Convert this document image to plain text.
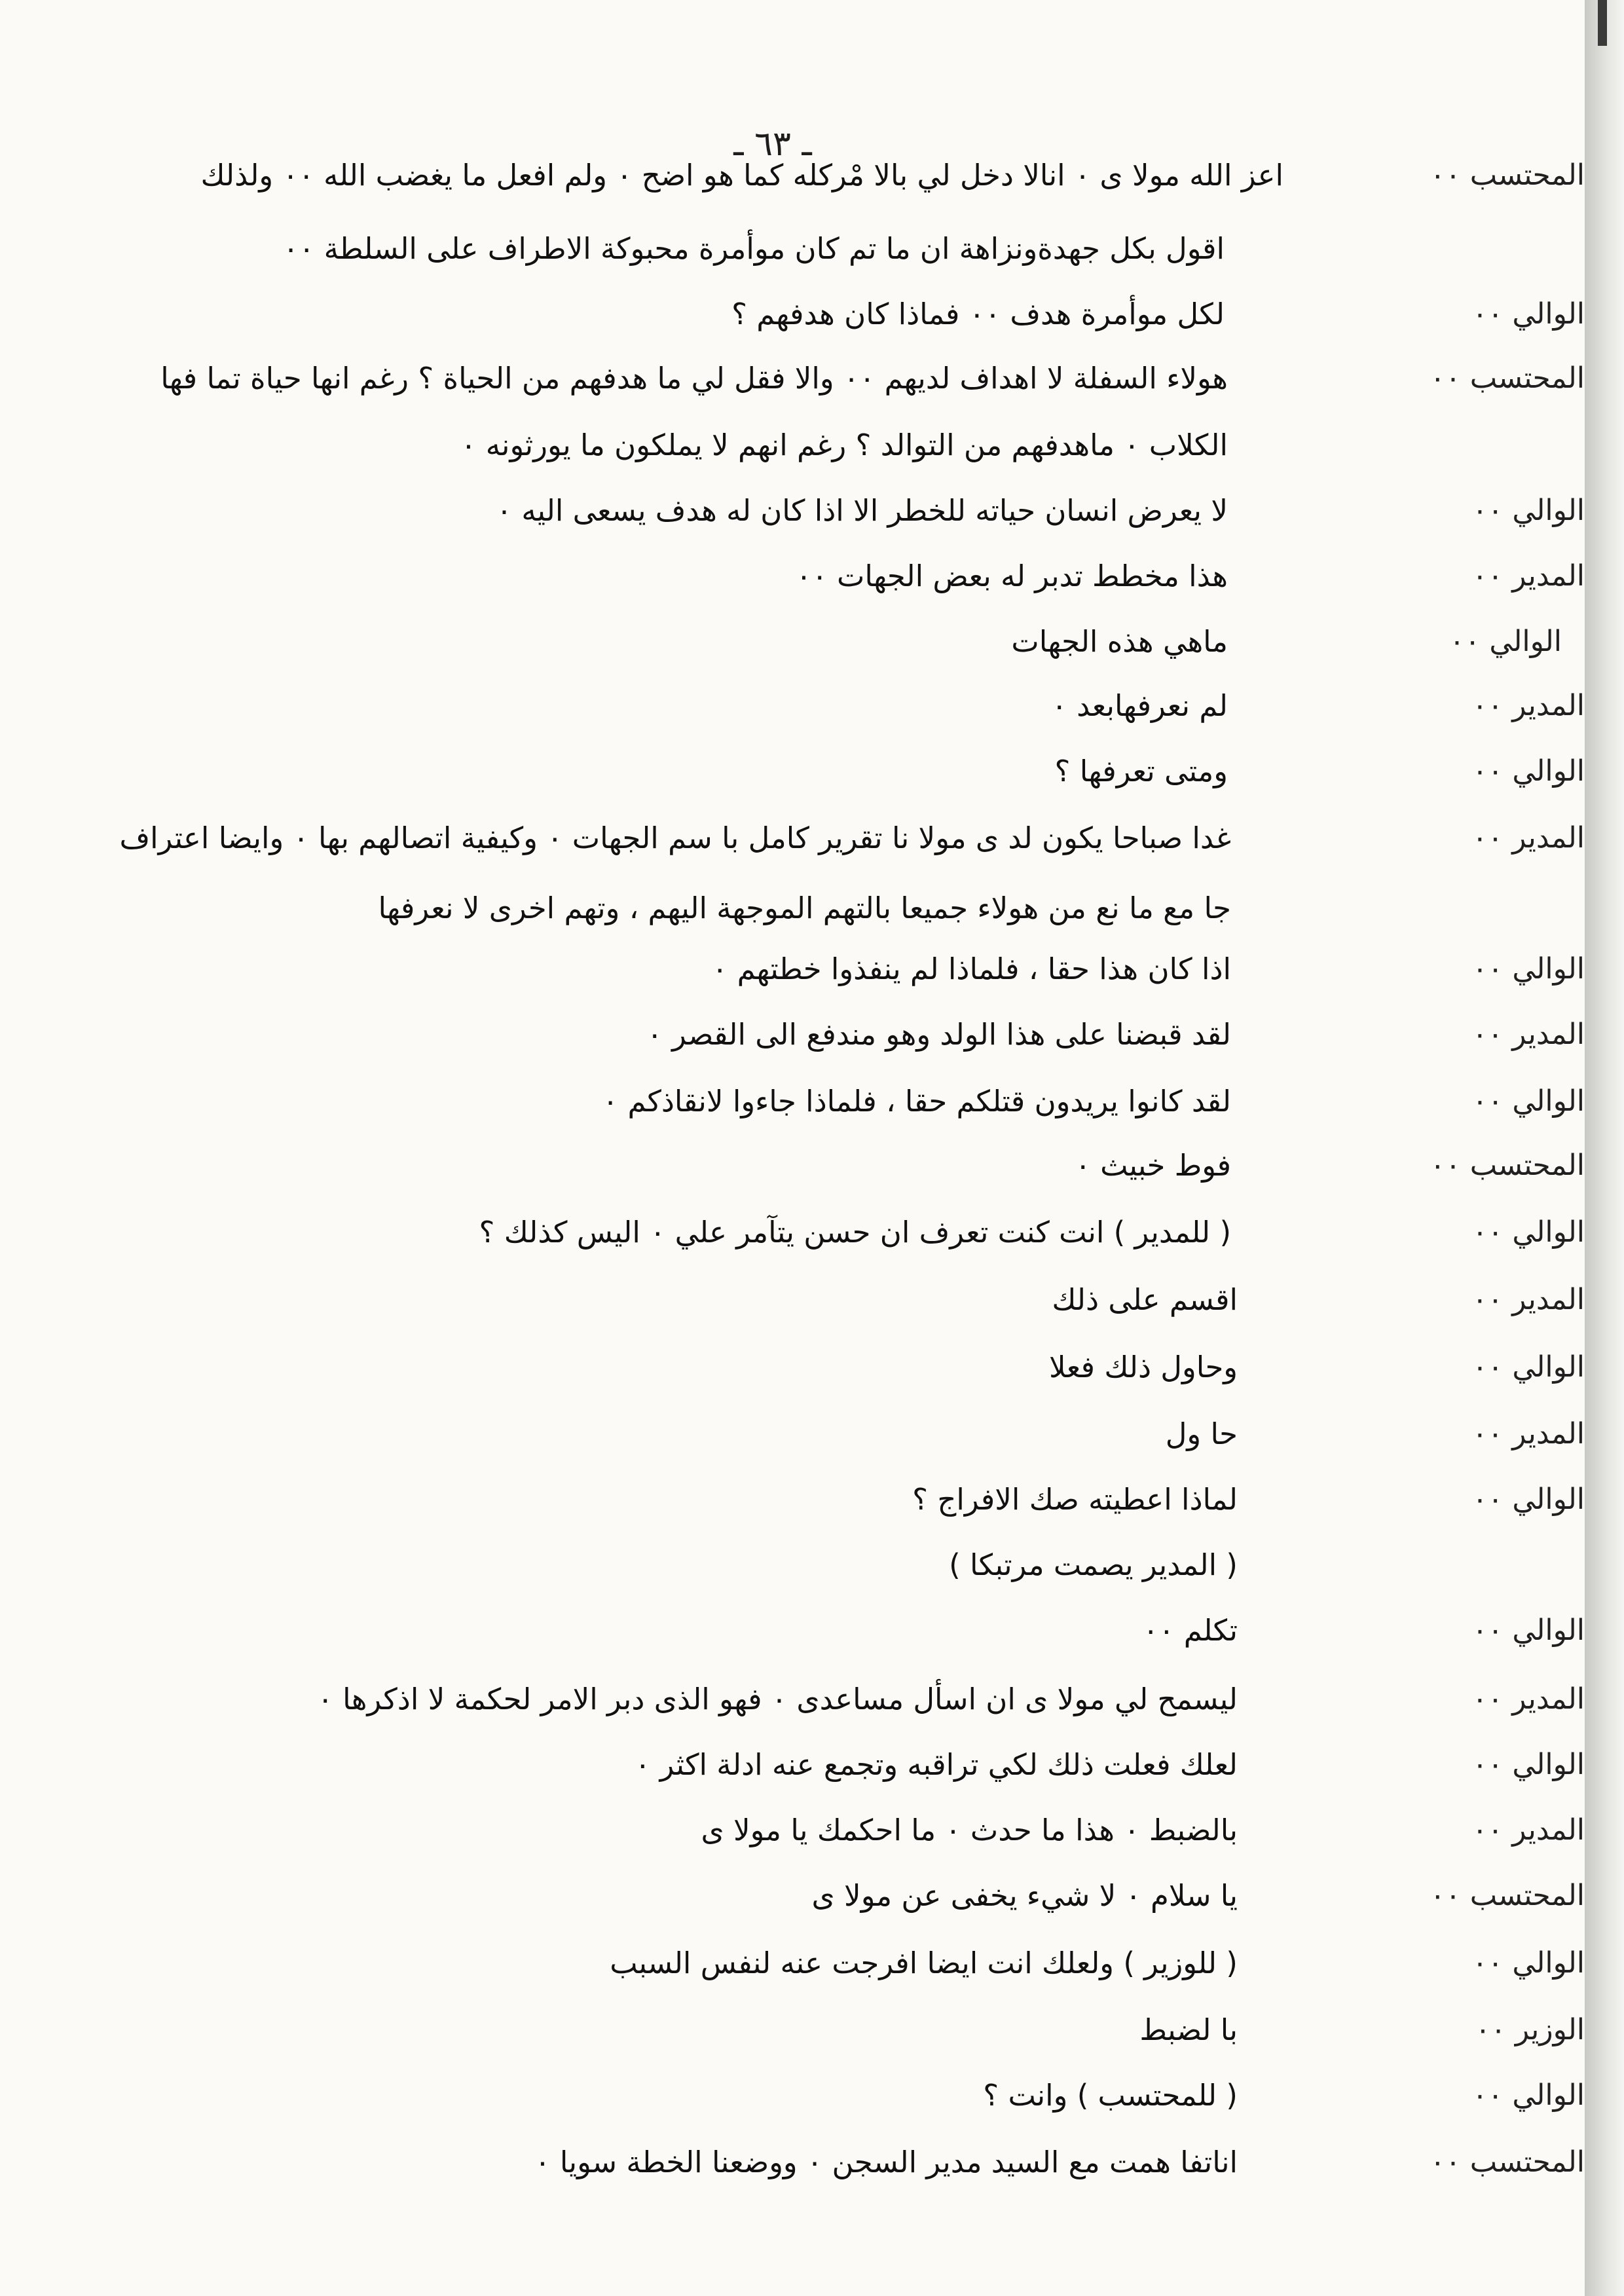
ـ ٦٣ ـ
المحتسب ٠٠
اعز الله مولا ى ٠ انالا دخل لي بالا مْركله كما هو اضح ٠ ولم افعل ما يغضب الله ٠٠ ولذلك
اقول بكل جهدةونزاهة ان ما تم كان موأمرة محبوكة الاطراف على السلطة ٠٠
الوالي ٠٠
لكل موأمرة هدف ٠٠ فماذا كان هدفهم ؟
المحتسب ٠٠
هولاء السفلة لا اهداف لديهم ٠٠ والا فقل لي ما هدفهم من الحياة ؟ رغم انها حياة تما فها
الكلاب ٠ ماهدفهم من التوالد ؟ رغم انهم لا يملكون ما يورثونه ٠
الوالي ٠٠
لا يعرض انسان حياته للخطر الا اذا كان له هدف يسعى اليه ٠
المدير ٠٠
هذا مخطط تدبر له بعض الجهات ٠٠
الوالي ٠٠
ماهي هذه الجهات
المدير ٠٠
لم نعرفهابعد ٠
الوالي ٠٠
ومتى تعرفها ؟
المدير ٠٠
غدا صباحا يكون لد ى مولا نا تقرير كامل با سم الجهات ٠ وكيفية اتصالهم بها ٠ وايضا اعتراف
جا مع ما نع من هولاء جميعا بالتهم الموجهة اليهم ، وتهم اخرى لا نعرفها
الوالي ٠٠
اذا كان هذا حقا ، فلماذا لم ينفذوا خطتهم ٠
المدير ٠٠
لقد قبضنا على هذا الولد وهو مندفع الى القصر ٠
الوالي ٠٠
لقد كانوا يريدون قتلكم حقا ، فلماذا جاءوا لانقاذكم ٠
المحتسب ٠٠
فوط خبيث ٠
الوالي ٠٠
( للمدير ) انت كنت تعرف ان حسن يتآمر علي ٠ اليس كذلك ؟
المدير ٠٠
اقسم على ذلك
الوالي ٠٠
وحاول ذلك فعلا
المدير ٠٠
حا ول
الوالي ٠٠
لماذا اعطيته صك الافراج ؟
( المدير يصمت مرتبكا )
الوالي ٠٠
تكلم ٠٠
المدير ٠٠
ليسمح لي مولا ى ان اسأل مساعدى ٠ فهو الذى دبر الامر لحكمة لا اذكرها ٠
الوالي ٠٠
لعلك فعلت ذلك لكي تراقبه وتجمع عنه ادلة اكثر ٠
المدير ٠٠
بالضبط ٠ هذا ما حدث ٠ ما احكمك يا مولا ى
المحتسب ٠٠
يا سلام ٠ لا شيء يخفى عن مولا ى
الوالي ٠٠
( للوزير ) ولعلك انت ايضا افرجت عنه لنفس السبب
الوزير ٠٠
با لضبط
الوالي ٠٠
( للمحتسب ) وانت ؟
المحتسب ٠٠
اناتفا همت مع السيد مدير السجن ٠ ووضعنا الخطة سويا ٠
